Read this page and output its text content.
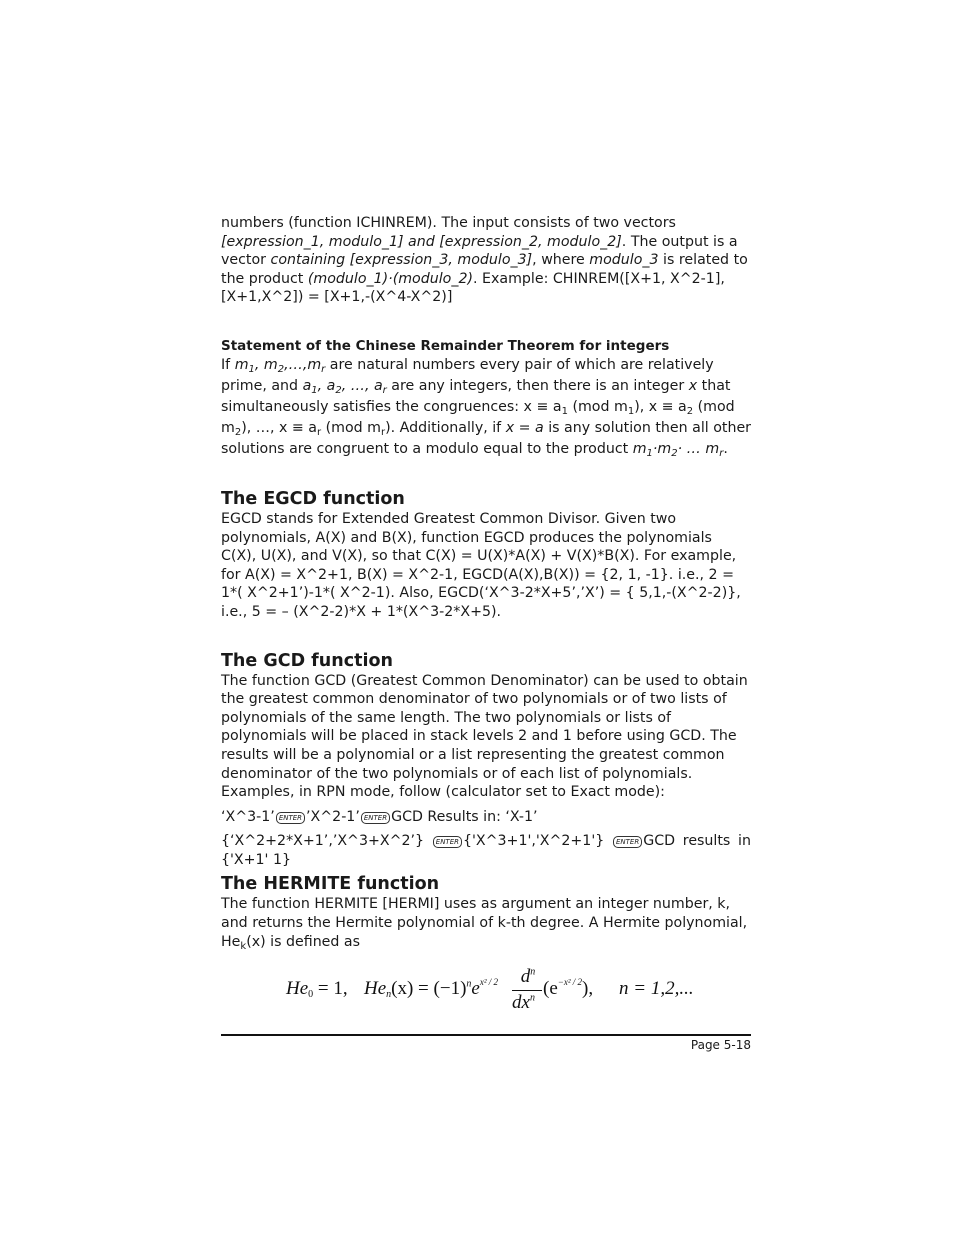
numbers (function ICHINREM). The input consists of two vectors [expression_1, modulo_1] and [expression_2, modulo_2]. The output is a vector containing [expression_3, modulo_3], where modulo_3 is related to the product (modulo_1)·(modulo_2). Example: CHINREM([X+1, X^2-1],[X+1,X^2]) = [X+1,-(X^4-X^2)]

Statement of the Chinese Remainder Theorem for integers

If $m_1$, $m_2,\dots,m_r$ are natural numbers every pair of which are relatively prime, and $a_1$, $a_2$, …, $a_r$ are any integers, then there is an integer x that simultaneously satisfies the congruences: $x \equiv a_1$ (mod $m_1$), $x \equiv a_2$ (mod $m_2$), …, $x \equiv a_r$ (mod $m_r$). Additionally, if x = a is any solution then all other solutions are congruent to a modulo equal to the product $m_1\cdot m_2\cdot$ … $m_r$.

The EGCD function

EGCD stands for Extended Greatest Common Divisor. Given two polynomials, A(X) and B(X), function EGCD produces the polynomials C(X), U(X), and V(X), so that C(X) = U(X)*A(X) + V(X)*B(X). For example, for A(X) = X^2+1, B(X) = X^2-1, EGCD(A(X),B(X)) = {2, 1, -1}. i.e., 2 = 1*( X^2+1’)-1*( X^2-1). Also, EGCD(‘X^3-2*X+5’,’X’) = { 5,1,-(X^2-2)}, i.e., 5 = – (X^2-2)*X + 1*(X^3-2*X+5).

The GCD function

The function GCD (Greatest Common Denominator) can be used to obtain the greatest common denominator of two polynomials or of two lists of polynomials of the same length. The two polynomials or lists of polynomials will be placed in stack levels 2 and 1 before using GCD. The results will be a polynomial or a list representing the greatest common denominator of the two polynomials or of each list of polynomials. Examples, in RPN mode, follow (calculator set to Exact mode):

‘X^3-1’ ENTER ’X^2-1’ ENTER GCD Results in: ‘X-1’

{‘X^2+2*X+1’,’X^3+X^2’} ENTER {'X^3+1','X^2+1'} ENTER GCD results in {'X+1' 1}

The HERMITE function

The function HERMITE [HERMI] uses as argument an integer number, k, and returns the Hermite polynomial of k-th degree. A Hermite polynomial, $He_k(x)$ is defined as

$He_0 = 1$, $He_n(x) = (-1)^ne^{x^2 / 2}$	$d^n$
$dx^n$ $(e^{-x^2 / 2})$, n = 1,2,...
Page 5-18
